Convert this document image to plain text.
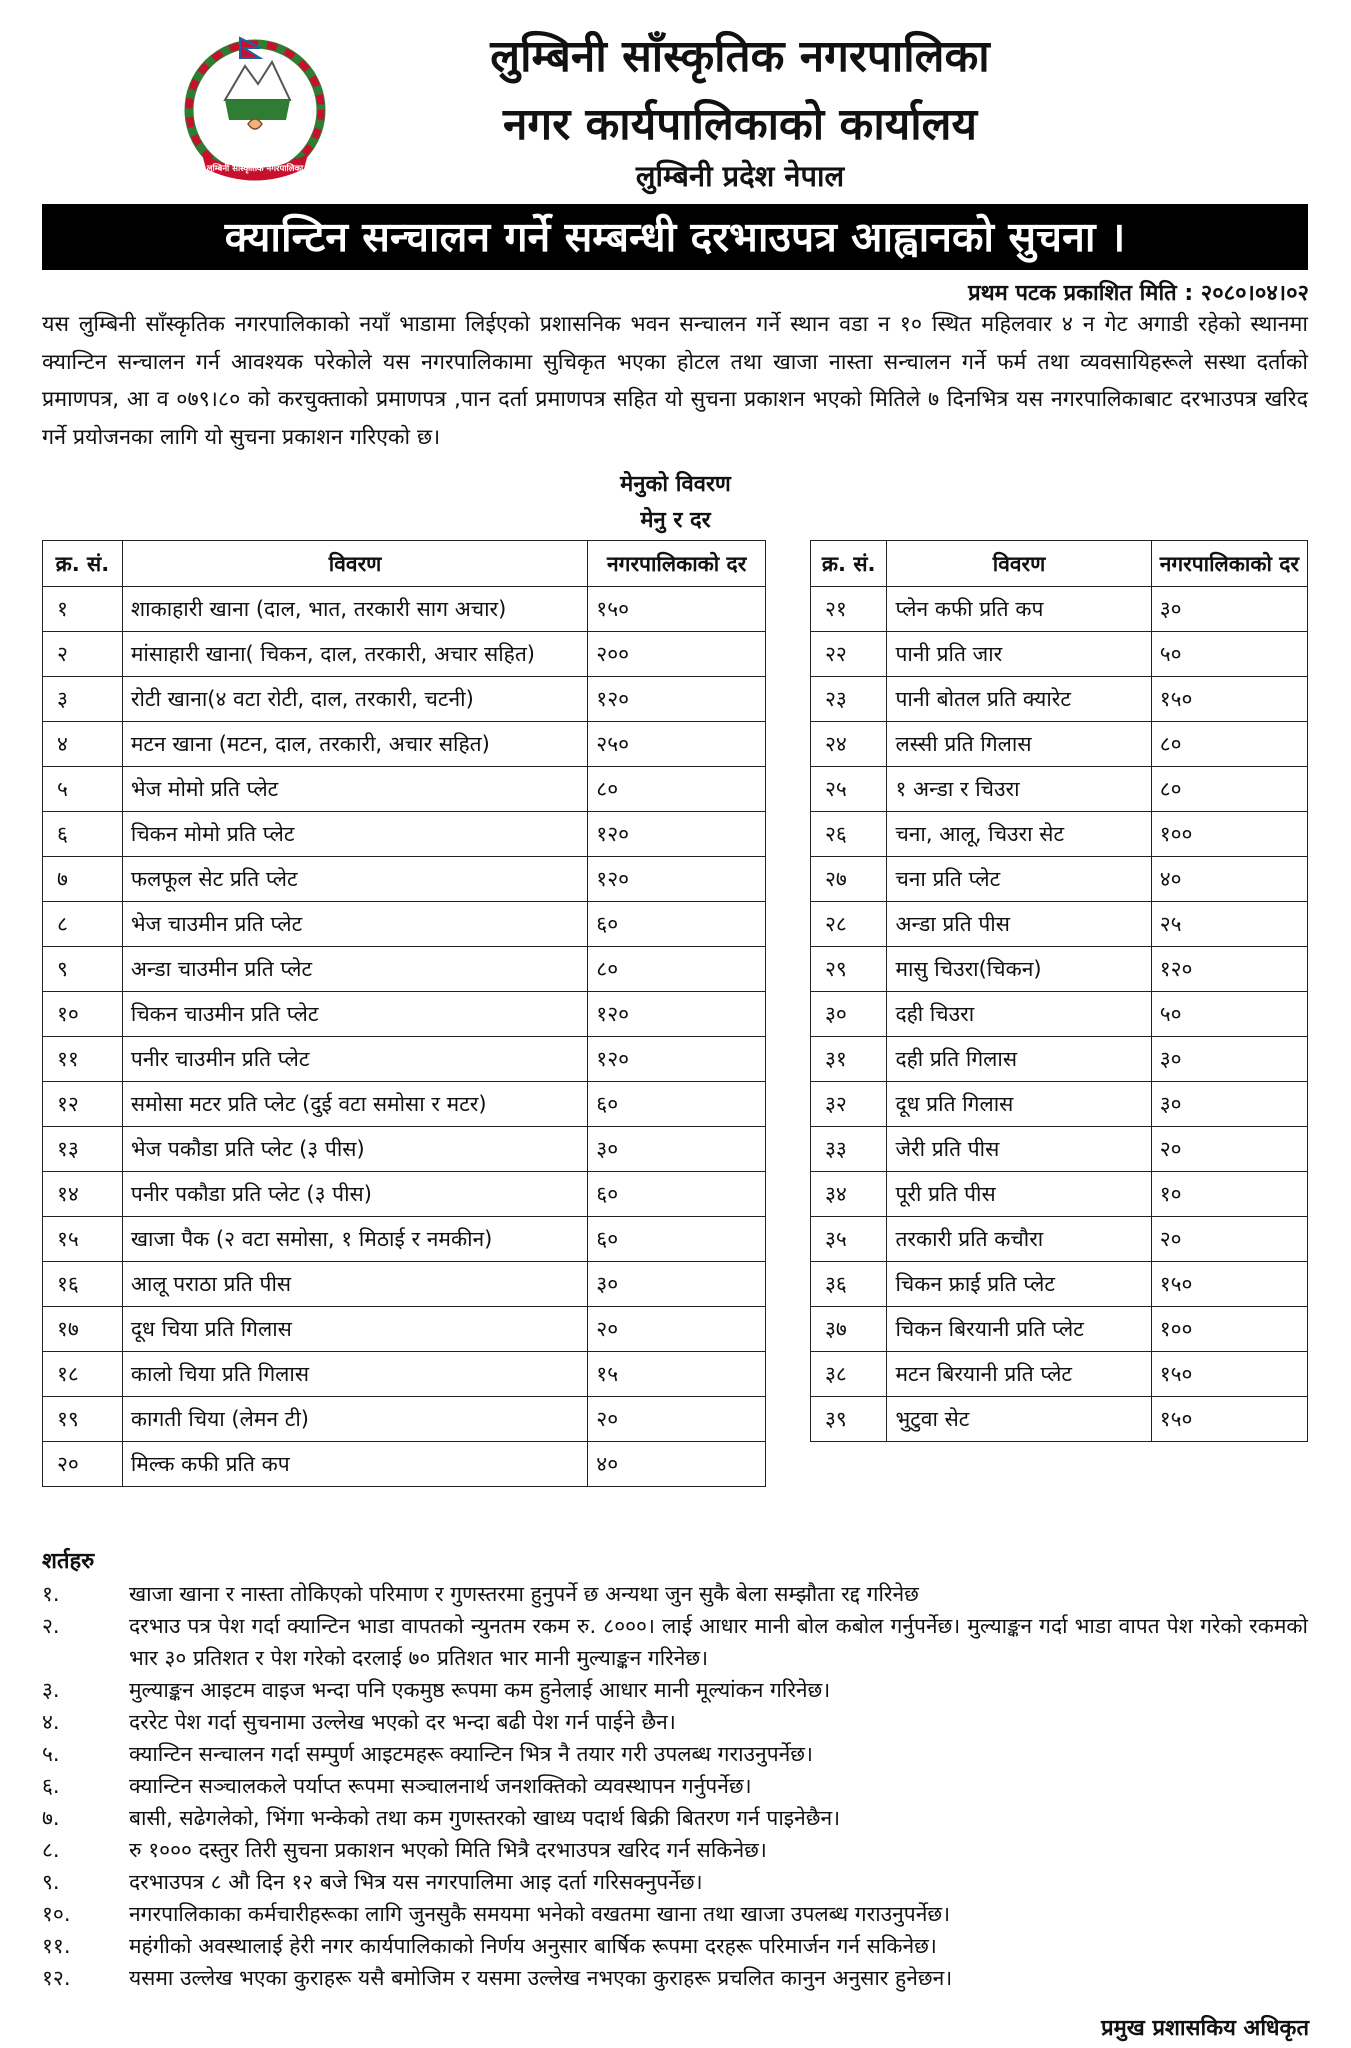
लुम्बिनी सांस्कृतिक नगरपालिका
लुम्बिनी साँस्कृतिक नगरपालिका
नगर कार्यपालिकाको कार्यालय
लुम्बिनी प्रदेश नेपाल
क्यान्टिन सन्चालन गर्ने सम्बन्धी दरभाउपत्र आह्वानको सुचना ।
प्रथम पटक प्रकाशित मिति : २०८०।०४।०२
यस लुम्बिनी साँस्कृतिक नगरपालिकाको नयाँ भाडामा लिईएको प्रशासनिक भवन सन्चालन गर्ने स्थान वडा न १० स्थित महिलवार ४ न गेट अगाडी रहेको स्थानमा क्यान्टिन सन्चालन गर्न आवश्यक परेकोले यस नगरपालिकामा सुचिकृत भएका होटल तथा खाजा नास्ता सन्चालन गर्ने फर्म तथा व्यवसायिहरूले सस्था दर्ताको प्रमाणपत्र, आ व ०७९।८० को करचुक्ताको प्रमाणपत्र ,पान दर्ता प्रमाणपत्र सहित यो सुचना प्रकाशन भएको मितिले ७ दिनभित्र यस नगरपालिकाबाट दरभाउपत्र खरिद गर्ने प्रयोजनका लागि यो सुचना प्रकाशन गरिएको छ।
मेनुको विवरण
मेनु र दर
क्र. सं.	विवरण	नगरपालिकाको दर
१	शाकाहारी खाना (दाल, भात, तरकारी साग अचार)	१५०
२	मांसाहारी खाना( चिकन, दाल, तरकारी, अचार सहित)	२००
३	रोटी खाना(४ वटा रोटी, दाल, तरकारी, चटनी)	१२०
४	मटन खाना (मटन, दाल, तरकारी, अचार सहित)	२५०
५	भेज मोमो प्रति प्लेट	८०
६	चिकन मोमो प्रति प्लेट	१२०
७	फलफूल सेट प्रति प्लेट	१२०
८	भेज चाउमीन प्रति प्लेट	६०
९	अन्डा चाउमीन प्रति प्लेट	८०
१०	चिकन चाउमीन प्रति प्लेट	१२०
११	पनीर चाउमीन प्रति प्लेट	१२०
१२	समोसा मटर प्रति प्लेट (दुई वटा समोसा र मटर)	६०
१३	भेज पकौडा प्रति प्लेट (३ पीस)	३०
१४	पनीर पकौडा प्रति प्लेट (३ पीस)	६०
१५	खाजा पैक (२ वटा समोसा, १ मिठाई र नमकीन)	६०
१६	आलू पराठा प्रति पीस	३०
१७	दूध चिया प्रति गिलास	२०
१८	कालो चिया प्रति गिलास	१५
१९	कागती चिया (लेमन टी)	२०
२०	मिल्क कफी प्रति कप	४०
क्र. सं.	विवरण	नगरपालिकाको दर
२१	प्लेन कफी प्रति कप	३०
२२	पानी प्रति जार	५०
२३	पानी बोतल प्रति क्यारेट	१५०
२४	लस्सी प्रति गिलास	८०
२५	१ अन्डा र चिउरा	८०
२६	चना, आलू, चिउरा सेट	१००
२७	चना प्रति प्लेट	४०
२८	अन्डा प्रति पीस	२५
२९	मासु चिउरा(चिकन)	१२०
३०	दही चिउरा	५०
३१	दही प्रति गिलास	३०
३२	दूध प्रति गिलास	३०
३३	जेरी प्रति पीस	२०
३४	पूरी प्रति पीस	१०
३५	तरकारी प्रति कचौरा	२०
३६	चिकन फ्राई प्रति प्लेट	१५०
३७	चिकन बिरयानी प्रति प्लेट	१००
३८	मटन बिरयानी प्रति प्लेट	१५०
३९	भुटुवा सेट	१५०
शर्तहरु
१.	खाजा खाना र नास्ता तोकिएको परिमाण र गुणस्तरमा हुनुपर्ने छ अन्यथा जुन सुकै बेला सम्झौता रद्द गरिनेछ
२.	दरभाउ पत्र पेश गर्दा क्यान्टिन भाडा वापतको न्युनतम रकम रु. ८०००। लाई आधार मानी बोल कबोल गर्नुपर्नेछ। मुल्याङ्कन गर्दा भाडा वापत पेश गरेको रकमको भार ३० प्रतिशत र पेश गरेको दरलाई ७० प्रतिशत भार मानी मुल्याङ्कन गरिनेछ।
३.	मुल्याङ्कन आइटम वाइज भन्दा पनि एकमुष्ठ रूपमा कम हुनेलाई आधार मानी मूल्यांकन गरिनेछ।
४.	दररेट पेश गर्दा सुचनामा उल्लेख भएको दर भन्दा बढी पेश गर्न पाईने छैन।
५.	क्यान्टिन सन्चालन गर्दा सम्पुर्ण आइटमहरू क्यान्टिन भित्र नै तयार गरी उपलब्ध गराउनुपर्नेछ।
६.	क्यान्टिन सञ्चालकले पर्याप्त रूपमा सञ्चालनार्थ जनशक्तिको व्यवस्थापन गर्नुपर्नेछ।
७.	बासी, सढेगलेको, भिंगा भन्केको तथा कम गुणस्तरको खाध्य पदार्थ बिक्री बितरण गर्न पाइनेछैन।
८.	रु १००० दस्तुर तिरी सुचना प्रकाशन भएको मिति भित्रै दरभाउपत्र खरिद गर्न सकिनेछ।
९.	दरभाउपत्र ८ औ दिन १२ बजे भित्र यस नगरपालिमा आइ दर्ता गरिसक्नुपर्नेछ।
१०.	नगरपालिकाका कर्मचारीहरूका लागि जुनसुकै समयमा भनेको वखतमा खाना तथा खाजा उपलब्ध गराउनुपर्नेछ।
११.	महंगीको अवस्थालाई हेरी नगर कार्यपालिकाको निर्णय अनुसार बार्षिक रूपमा दरहरू परिमार्जन गर्न सकिनेछ।
१२.	यसमा उल्लेख भएका कुराहरू यसै बमोजिम र यसमा उल्लेख नभएका कुराहरू प्रचलित कानुन अनुसार हुनेछन।
प्रमुख प्रशासकिय अधिकृत
